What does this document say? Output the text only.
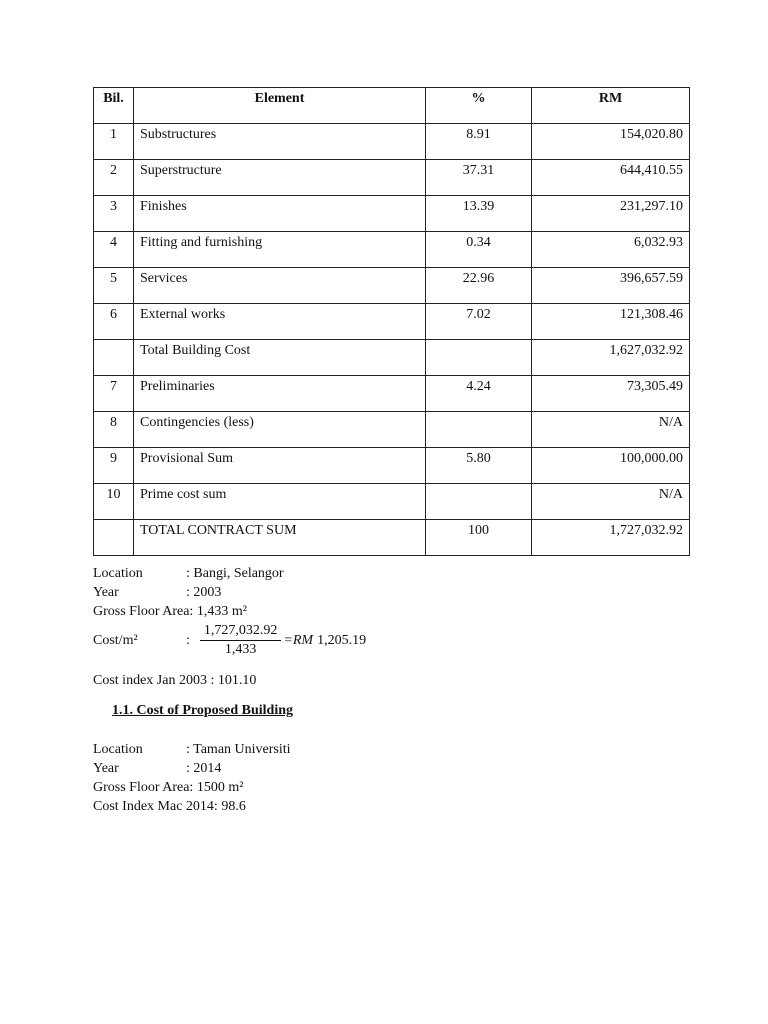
Bil.	Element	%	RM
1	Substructures	8.91	154,020.80
2	Superstructure	37.31	644,410.55
3	Finishes	13.39	231,297.10
4	Fitting and furnishing	0.34	6,032.93
5	Services	22.96	396,657.59
6	External works	7.02	121,308.46
	Total Building Cost		1,627,032.92
7	Preliminaries	4.24	73,305.49
8	Contingencies (less)		N/A
9	Provisional Sum	5.80	100,000.00
10	Prime cost sum		N/A
	TOTAL CONTRACT SUM	100	1,727,032.92
Location	: Bangi, Selangor
Year	: 2003
Gross Floor Area: 1,433 m²
Cost/m²	: $\frac{1,727,032.92}{1,433} =RM$ 1,205.19
Cost index Jan 2003 : 101.10
1.1. Cost of Proposed Building
Location	: Taman Universiti
Year	: 2014
Gross Floor Area: 1500 m²
Cost Index Mac 2014: 98.6
